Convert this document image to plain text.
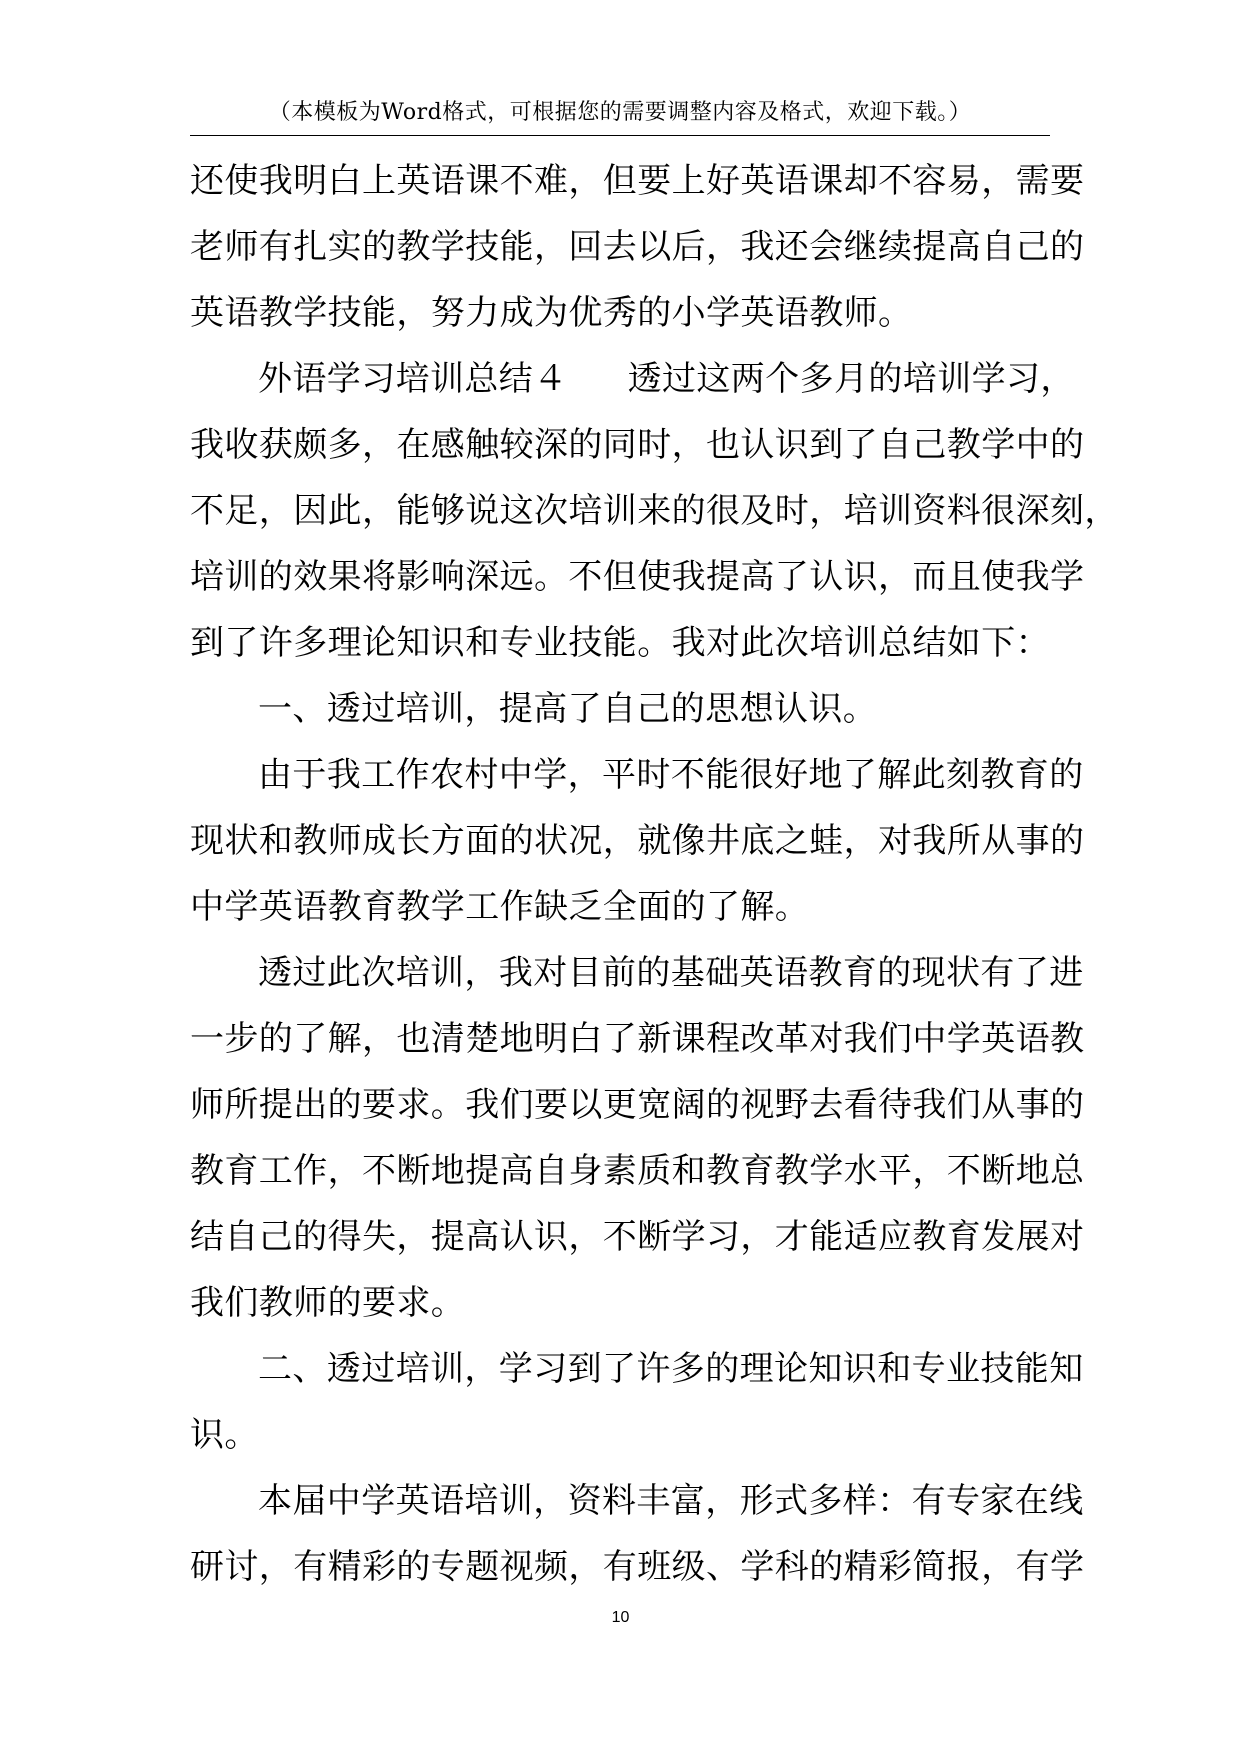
（本模板为Word格式，可根据您的需要调整内容及格式，欢迎下载。）
还使我明白上英语课不难，但要上好英语课却不容易，需要
老师有扎实的教学技能，回去以后，我还会继续提高自己的
英语教学技能，努力成为优秀的小学英语教师。
外语学习培训总结４ 透过这两个多月的培训学习，
我收获颇多，在感触较深的同时，也认识到了自己教学中的
不足，因此，能够说这次培训来的很及时，培训资料很深刻，
培训的效果将影响深远。不但使我提高了认识，而且使我学
到了许多理论知识和专业技能。我对此次培训总结如下：
一、透过培训，提高了自己的思想认识。
由于我工作农村中学，平时不能很好地了解此刻教育的
现状和教师成长方面的状况，就像井底之蛙，对我所从事的
中学英语教育教学工作缺乏全面的了解。
透过此次培训，我对目前的基础英语教育的现状有了进
一步的了解，也清楚地明白了新课程改革对我们中学英语教
师所提出的要求。我们要以更宽阔的视野去看待我们从事的
教育工作，不断地提高自身素质和教育教学水平，不断地总
结自己的得失，提高认识，不断学习，才能适应教育发展对
我们教师的要求。
二、透过培训，学习到了许多的理论知识和专业技能知
识。
本届中学英语培训，资料丰富，形式多样：有专家在线
研讨，有精彩的专题视频，有班级、学科的精彩简报，有学
10
